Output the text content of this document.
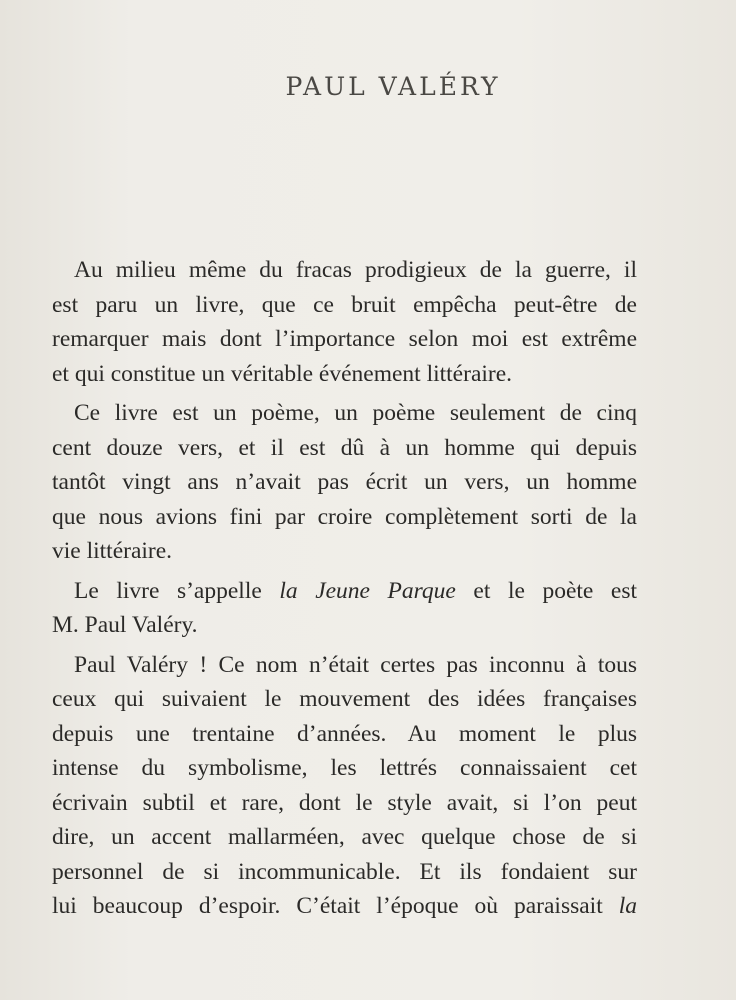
PAUL VALÉRY
Au milieu même du fracas prodigieux de la guerre, il
est paru un livre, que ce bruit empêcha peut-être de
remarquer mais dont l’importance selon moi est extrême
et qui constitue un véritable événement littéraire.
Ce livre est un poème, un poème seulement de cinq
cent douze vers, et il est dû à un homme qui depuis
tantôt vingt ans n’avait pas écrit un vers, un homme
que nous avions fini par croire complètement sorti de la
vie littéraire.
Le livre s’appelle la Jeune Parque et le poète est
M. Paul Valéry.
Paul Valéry ! Ce nom n’était certes pas inconnu à tous
ceux qui suivaient le mouvement des idées françaises
depuis une trentaine d’années. Au moment le plus
intense du symbolisme, les lettrés connaissaient cet
écrivain subtil et rare, dont le style avait, si l’on peut
dire, un accent mallarméen, avec quelque chose de si
personnel de si incommunicable. Et ils fondaient sur
lui beaucoup d’espoir. C’était l’époque où paraissait la
